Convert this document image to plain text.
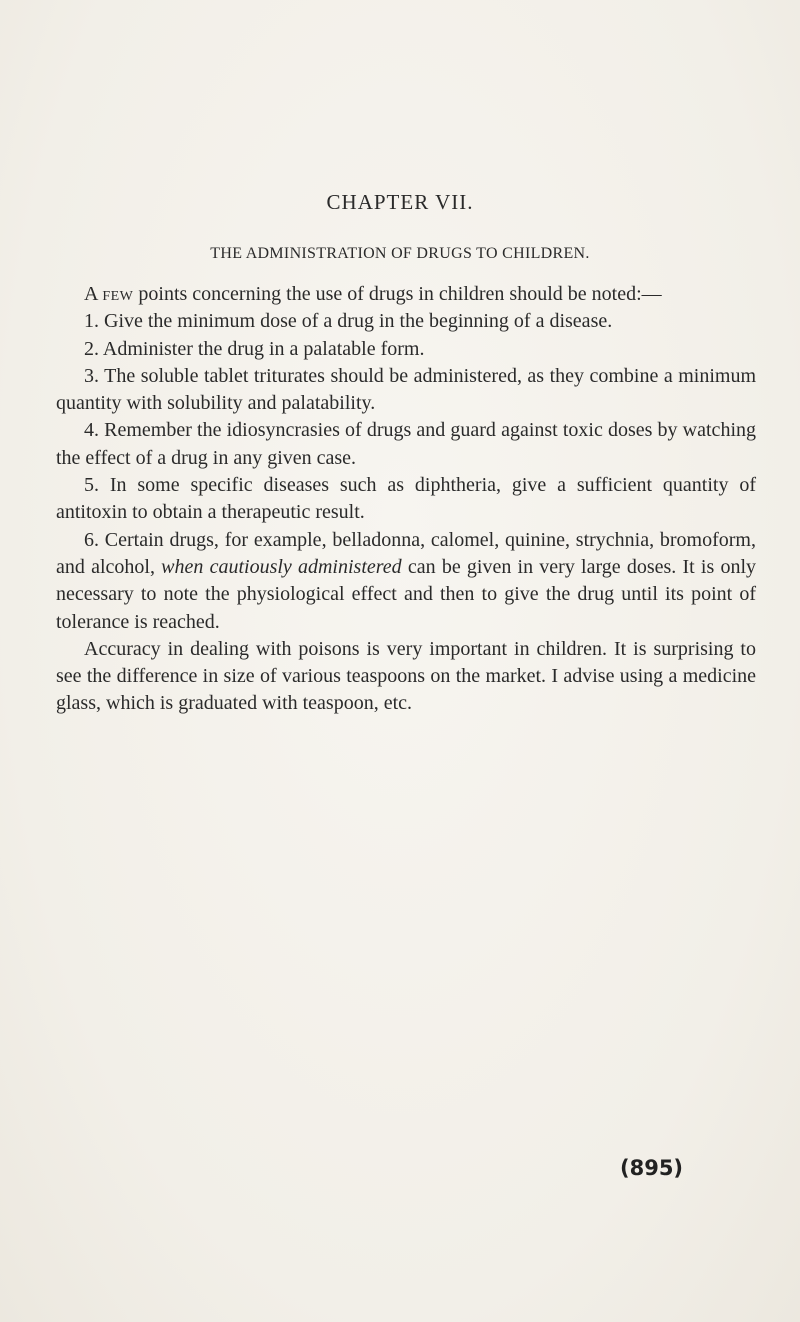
CHAPTER VII.
THE ADMINISTRATION OF DRUGS TO CHILDREN.

A few points concerning the use of drugs in children should be noted:—

1. Give the minimum dose of a drug in the beginning of a disease.

2. Administer the drug in a palatable form.

3. The soluble tablet triturates should be administered, as they combine a minimum quantity with solubility and palatability.

4. Remember the idiosyncrasies of drugs and guard against toxic doses by watching the effect of a drug in any given case.

5. In some specific diseases such as diphtheria, give a sufficient quantity of antitoxin to obtain a therapeutic result.

6. Certain drugs, for example, belladonna, calomel, quinine, strychnia, bromoform, and alcohol, when cautiously administered can be given in very large doses. It is only necessary to note the physiological effect and then to give the drug until its point of tolerance is reached.

Accuracy in dealing with poisons is very important in children. It is surprising to see the difference in size of various teaspoons on the market. I advise using a medicine glass, which is graduated with teaspoon, etc.

(895)
